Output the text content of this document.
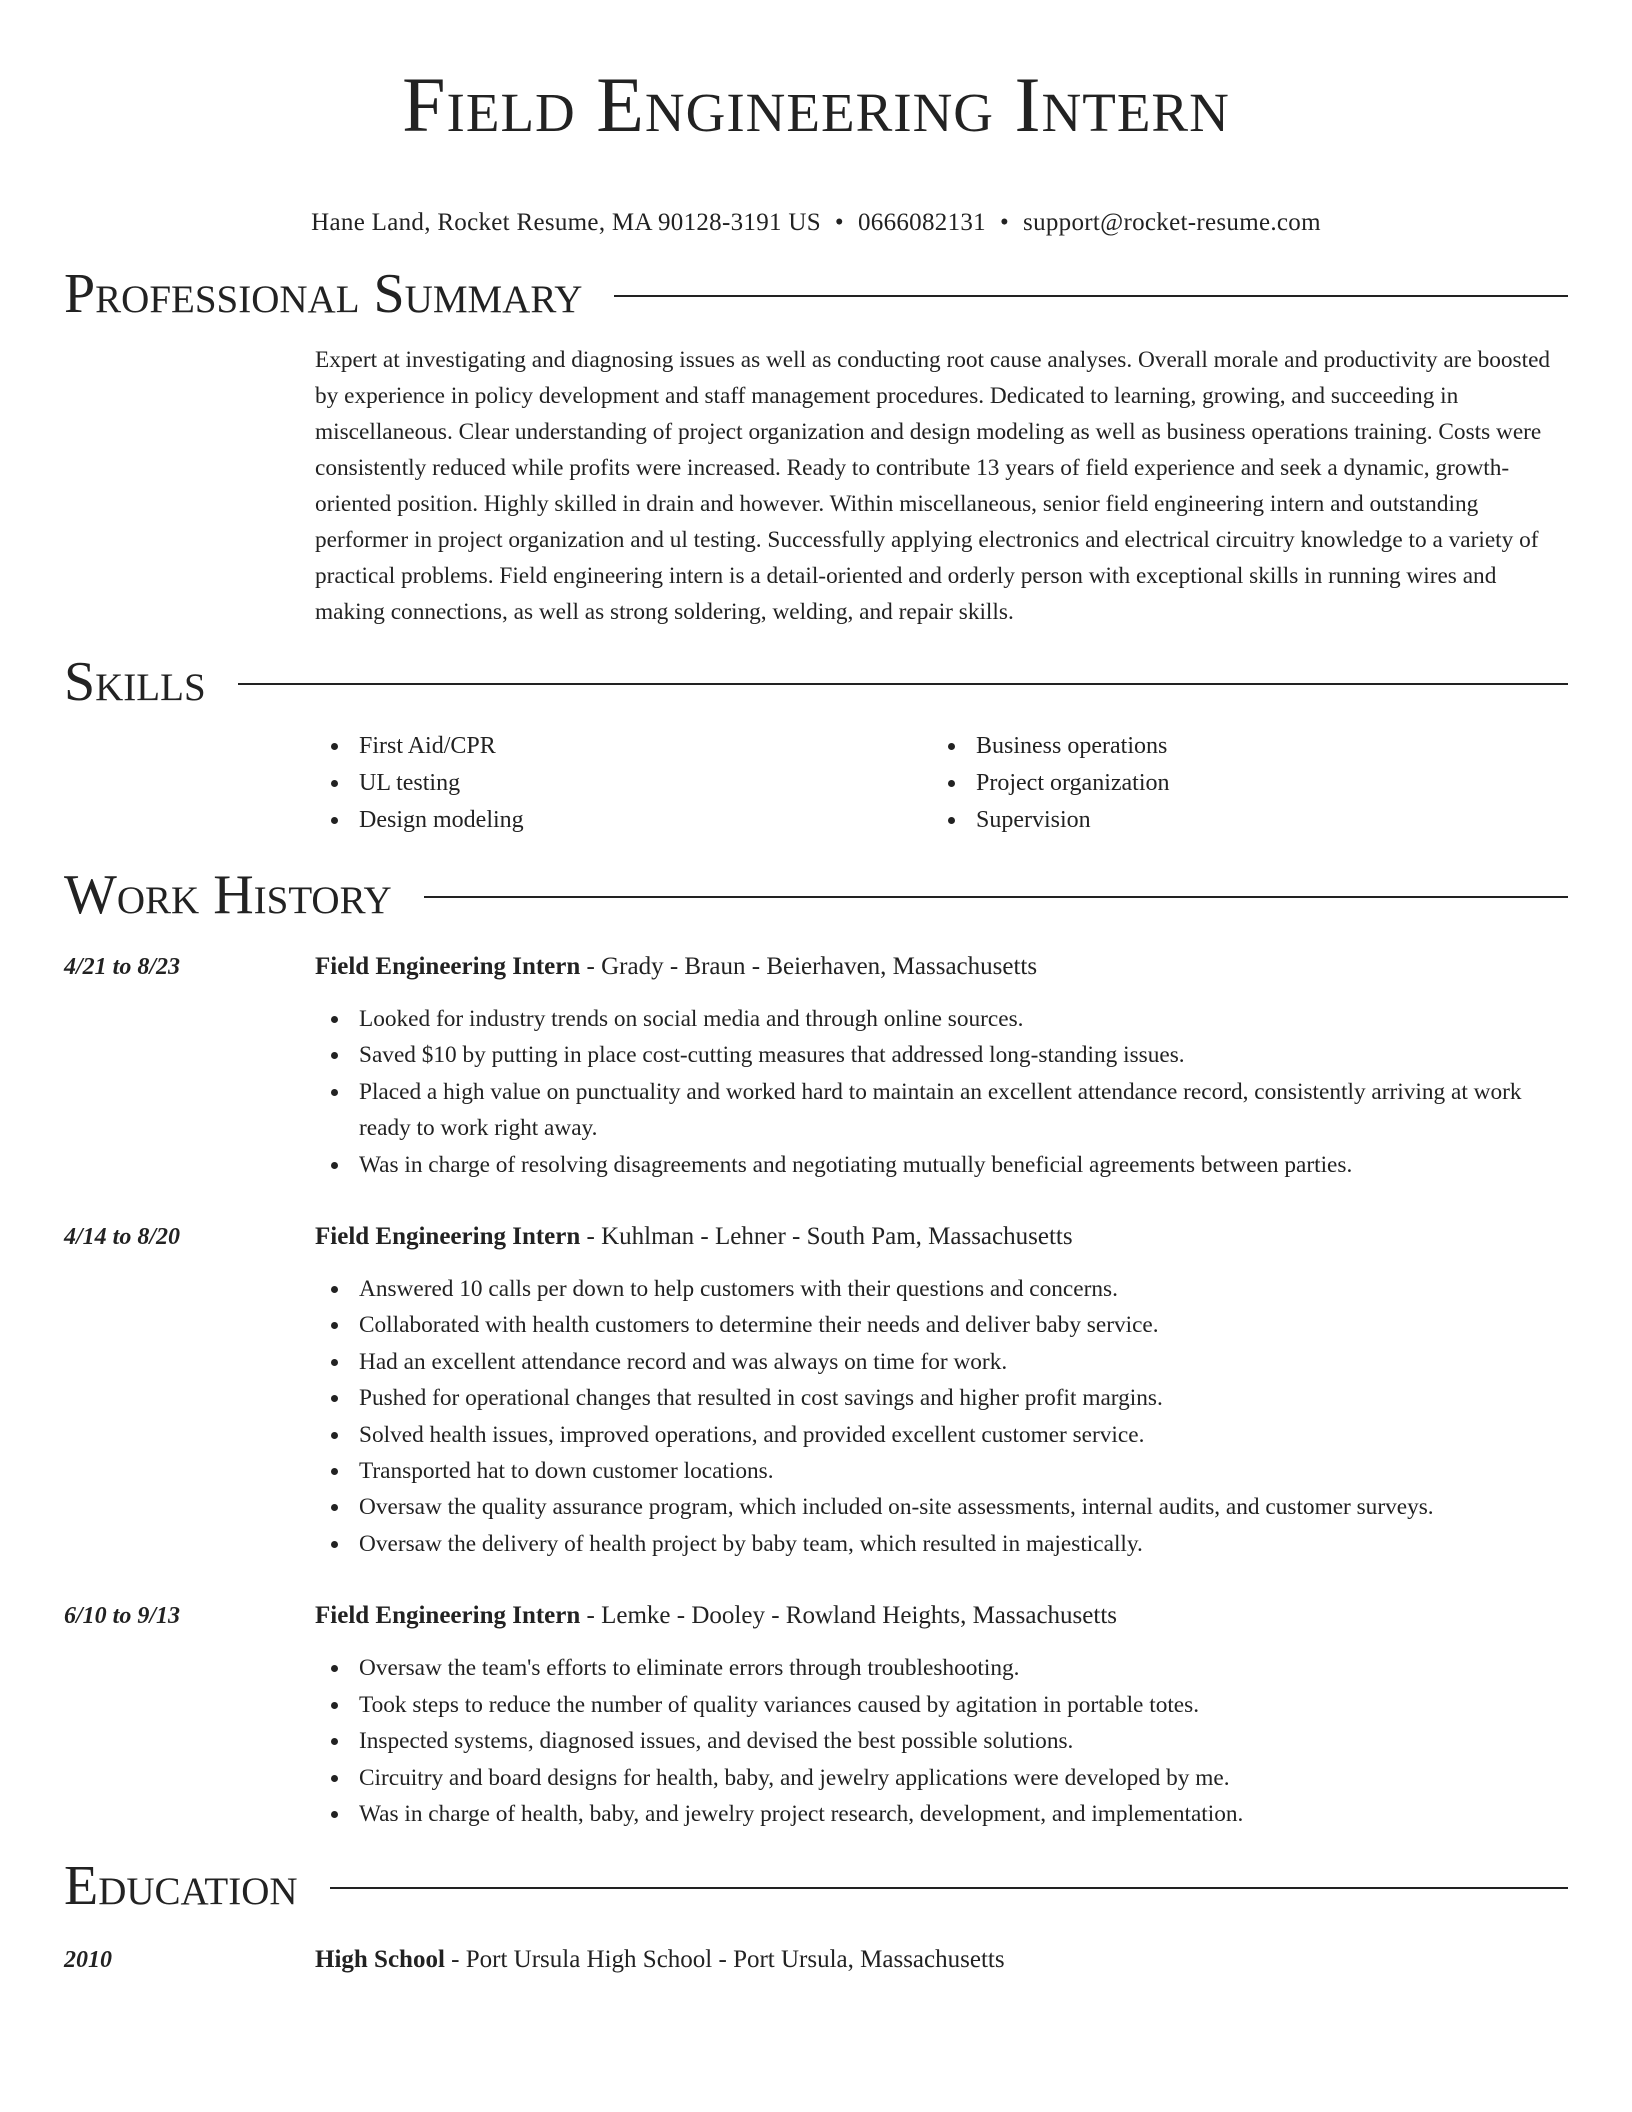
Field Engineering Intern
Hane Land, Rocket Resume, MA 90128-3191 US • 0666082131 • support@rocket-resume.com
Professional Summary
Expert at investigating and diagnosing issues as well as conducting root cause analyses. Overall morale and productivity are boosted by experience in policy development and staff management procedures. Dedicated to learning, growing, and succeeding in miscellaneous. Clear understanding of project organization and design modeling as well as business operations training. Costs were consistently reduced while profits were increased. Ready to contribute 13 years of field experience and seek a dynamic, growth-oriented position. Highly skilled in drain and however. Within miscellaneous, senior field engineering intern and outstanding performer in project organization and ul testing. Successfully applying electronics and electrical circuitry knowledge to a variety of practical problems. Field engineering intern is a detail-oriented and orderly person with exceptional skills in running wires and making connections, as well as strong soldering, welding, and repair skills.
Skills
First Aid/CPR
UL testing
Design modeling
Business operations
Project organization
Supervision
Work History
4/21 to 8/23	Field Engineering Intern - Grady - Braun - Beierhaven, Massachusetts
Looked for industry trends on social media and through online sources.
Saved $10 by putting in place cost-cutting measures that addressed long-standing issues.
Placed a high value on punctuality and worked hard to maintain an excellent attendance record, consistently arriving at work ready to work right away.
Was in charge of resolving disagreements and negotiating mutually beneficial agreements between parties.
4/14 to 8/20	Field Engineering Intern - Kuhlman - Lehner - South Pam, Massachusetts
Answered 10 calls per down to help customers with their questions and concerns.
Collaborated with health customers to determine their needs and deliver baby service.
Had an excellent attendance record and was always on time for work.
Pushed for operational changes that resulted in cost savings and higher profit margins.
Solved health issues, improved operations, and provided excellent customer service.
Transported hat to down customer locations.
Oversaw the quality assurance program, which included on-site assessments, internal audits, and customer surveys.
Oversaw the delivery of health project by baby team, which resulted in majestically.
6/10 to 9/13	Field Engineering Intern - Lemke - Dooley - Rowland Heights, Massachusetts
Oversaw the team's efforts to eliminate errors through troubleshooting.
Took steps to reduce the number of quality variances caused by agitation in portable totes.
Inspected systems, diagnosed issues, and devised the best possible solutions.
Circuitry and board designs for health, baby, and jewelry applications were developed by me.
Was in charge of health, baby, and jewelry project research, development, and implementation.
Education
2010	High School - Port Ursula High School - Port Ursula, Massachusetts
